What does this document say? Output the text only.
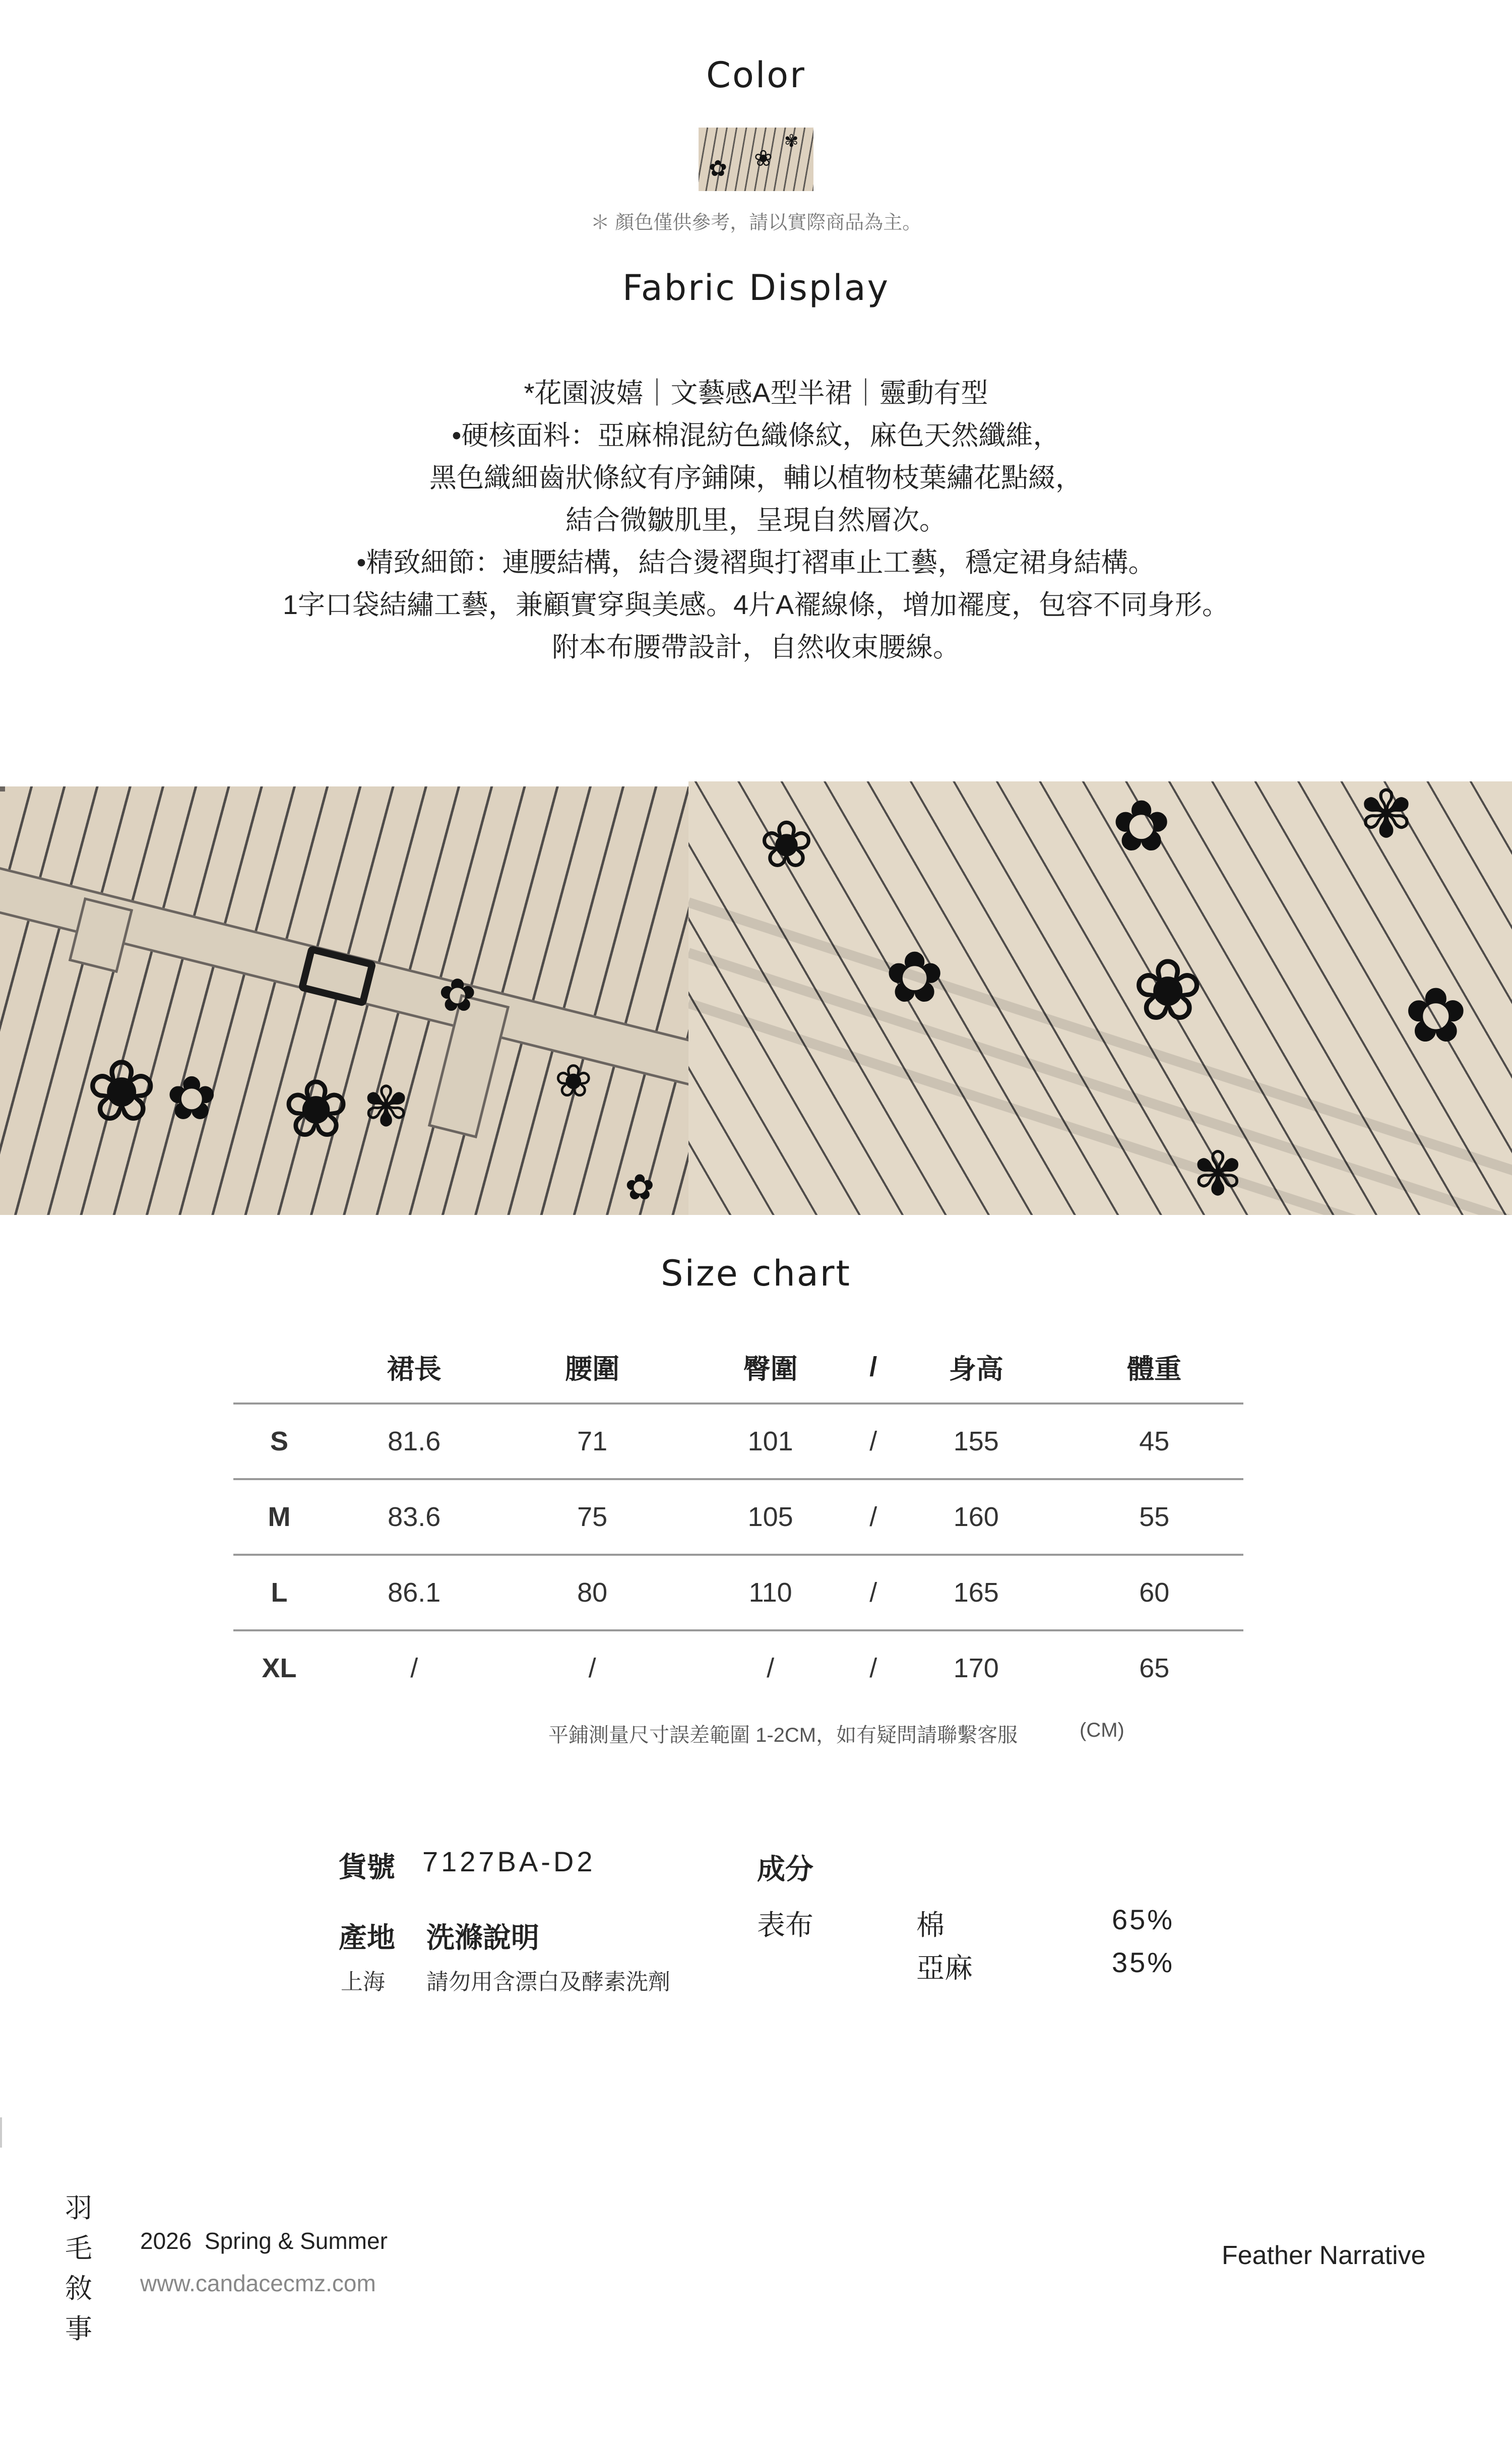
Color
✿ ❀
✾
＊ 顏色僅供參考，請以實際商品為主。
Fabric Display
*花園波嬉｜文藝感A型半裙｜靈動有型
•硬核面料：亞麻棉混紡色織條紋，麻色天然纖維，
黑色織細齒狀條紋有序鋪陳，輔以植物枝葉繡花點綴，
結合微皺肌里，呈現自然層次。
•精致細節：連腰結構，結合燙褶與打褶車止工藝，穩定裙身結構。
1字口袋結繡工藝，兼顧實穿與美感。4片A襬線條，增加襬度，包容不同身形。
附本布腰帶設計，自然收束腰線。
❀ ✿ ❀ ✾
✿
❀
✿
❀	✿	✾
✿ ❀	✿
✾
Size chart
	裙長	腰圍	臀圍	/	身高	體重
S	81.6	71	101	/	155	45
M	83.6	75	105	/	160	55
L	86.1	80	110	/	165	60
XL	/	/	/	/	170	65
平鋪測量尺寸誤差範圍 1-2CM，如有疑問請聯繫客服	(CM)
貨號 7127BA-D2
產地 洗滌說明
上海 請勿用含漂白及酵素洗劑
成分
表布	棉	65%
亞麻	35%
羽
毛
敘
事
2026  Spring & Summer
www.candacecmz.com
Feather Narrative
